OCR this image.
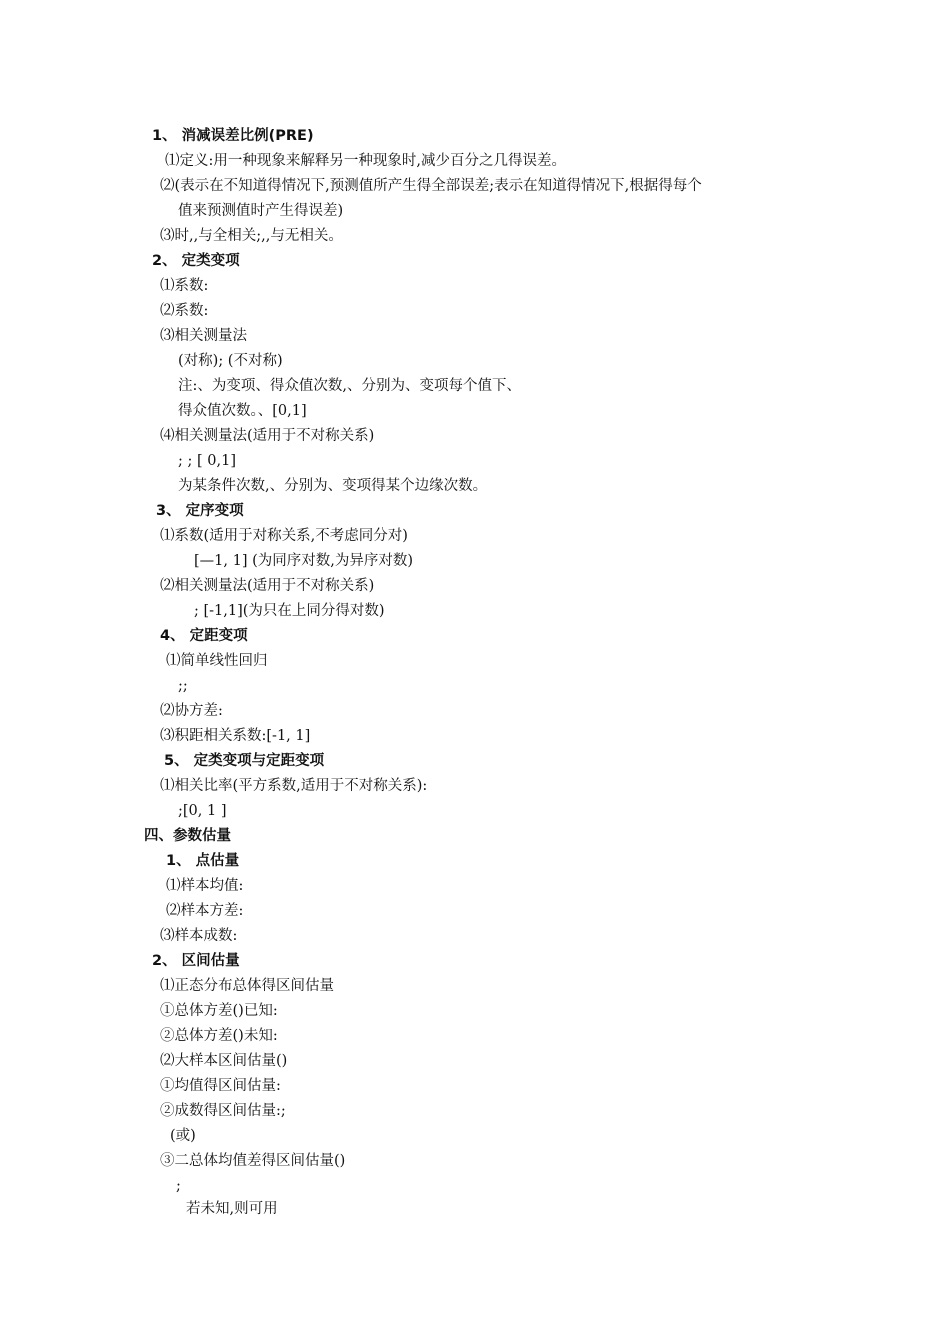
1、 消减误差比例(PRE)
⑴定义:用一种现象来解释另一种现象时,减少百分之几得误差。
⑵(表示在不知道得情况下,预测值所产生得全部误差;表示在知道得情况下,根据得每个
值来预测值时产生得误差)
⑶时,,与全相关;,,与无相关。
2、 定类变项
⑴系数:
⑵系数:
⑶相关测量法
(对称); (不对称)
注:、为变项、得众值次数,、分别为、变项每个值下、
得众值次数。、[0,1]
⑷相关测量法(适用于不对称关系)
; ; [ 0,1]
为某条件次数,、分别为、变项得某个边缘次数。
3、 定序变项
⑴系数(适用于对称关系,不考虑同分对)
[—1, 1] (为同序对数,为异序对数)
⑵相关测量法(适用于不对称关系)
; [-1,1](为只在上同分得对数)
4、 定距变项
⑴简单线性回归
;;
⑵协方差:
⑶积距相关系数:[-1, 1]
5、 定类变项与定距变项
⑴相关比率(平方系数,适用于不对称关系):
;[0, 1 ]
四、参数估量
1、 点估量
⑴样本均值:
⑵样本方差:
⑶样本成数:
2、 区间估量
⑴正态分布总体得区间估量
①总体方差()已知:
②总体方差()未知:
⑵大样本区间估量()
①均值得区间估量:
②成数得区间估量:;
(或)
③二总体均值差得区间估量()
;
若未知,则可用
